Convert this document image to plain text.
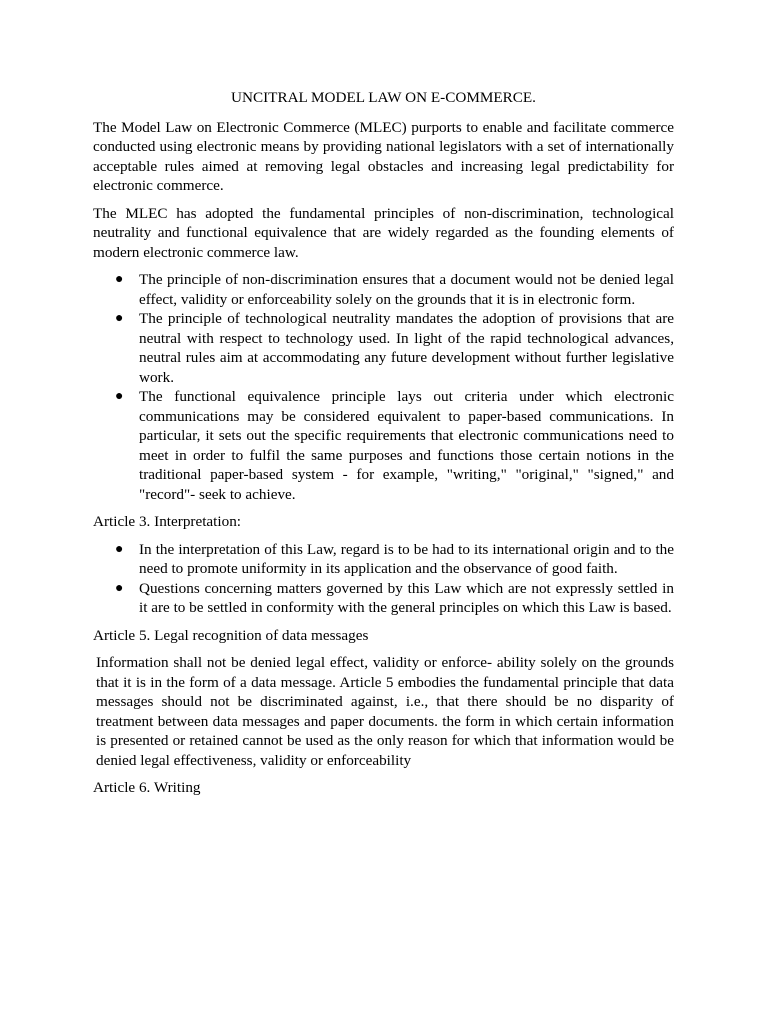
UNCITRAL MODEL LAW ON E-COMMERCE.

The Model Law on Electronic Commerce (MLEC) purports to enable and facilitate commerce conducted using electronic means by providing national legislators with a set of internationally acceptable rules aimed at removing legal obstacles and increasing legal predictability for electronic commerce.

The MLEC has adopted the fundamental principles of non-discrimination, technological neutrality and functional equivalence that are widely regarded as the founding elements of modern electronic commerce law.

● The principle of non-discrimination ensures that a document would not be denied legal effect, validity or enforceability solely on the grounds that it is in electronic form.
● The principle of technological neutrality mandates the adoption of provisions that are neutral with respect to technology used. In light of the rapid technological advances, neutral rules aim at accommodating any future development without further legislative work.
● The functional equivalence principle lays out criteria under which electronic communications may be considered equivalent to paper-based communications. In particular, it sets out the specific requirements that electronic communications need to meet in order to fulfil the same purposes and functions those certain notions in the traditional paper-based system - for example, "writing," "original," "signed," and "record"- seek to achieve.
Article 3. Interpretation:
● In the interpretation of this Law, regard is to be had to its international origin and to the need to promote uniformity in its application and the observance of good faith.
● Questions concerning matters governed by this Law which are not expressly settled in it are to be settled in conformity with the general principles on which this Law is based.
Article 5. Legal recognition of data messages

Information shall not be denied legal effect, validity or enforce- ability solely on the grounds that it is in the form of a data message. Article 5 embodies the fundamental principle that data messages should not be discriminated against, i.e., that there should be no disparity of treatment between data messages and paper documents. the form in which certain information is presented or retained cannot be used as the only reason for which that information would be denied legal effectiveness, validity or enforceability

Article 6. Writing
